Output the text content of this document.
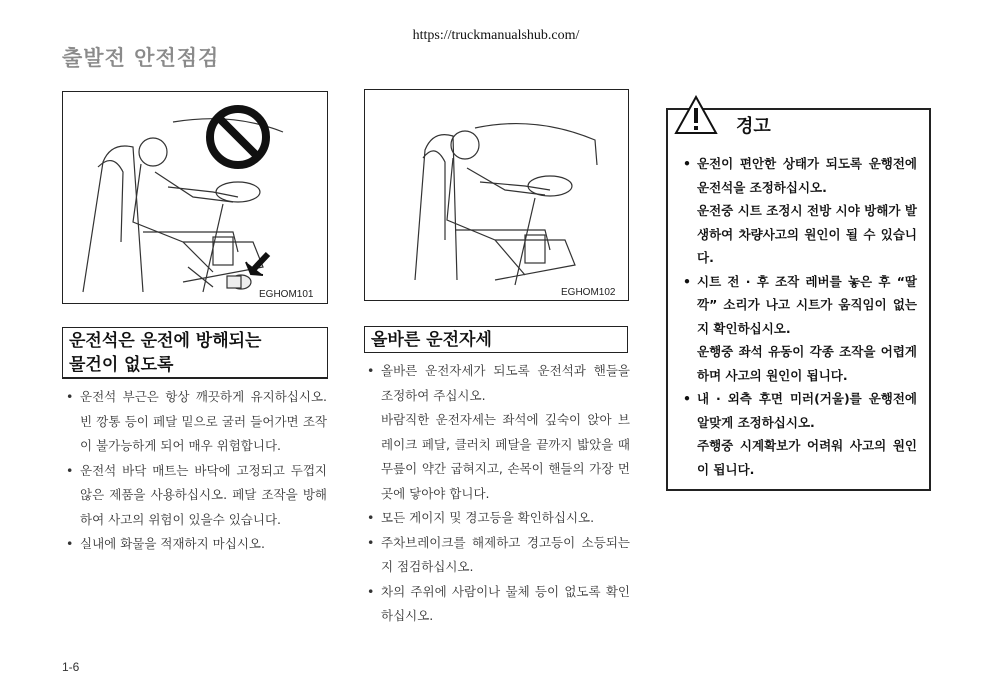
https://truckmanualshub.com/
출발전 안전점검
EGHOM101	EGHOM102
운전석은 운전에 방해되는
물건이 없도록
• 운전석 부근은 항상 깨끗하게 유지하십시오. 빈 깡통 등이 페달 밑으로 굴러 들어가면 조작이 불가능하게 되어 매우 위험합니다.
• 운전석 바닥 매트는 바닥에 고정되고 두껍지 않은 제품을 사용하십시오. 페달 조작을 방해하여 사고의 위험이 있을수 있습니다.
• 실내에 화물을 적재하지 마십시오.
올바른 운전자세

• 올바른 운전자세가 되도록 운전석과 핸들을 조정하여 주십시오.

바람직한 운전자세는 좌석에 깊숙이 앉아 브레이크 페달, 클러치 페달을 끝까지 밟았을 때 무릎이 약간 굽혀지고, 손목이 핸들의 가장 먼 곳에 닿아야 합니다.

• 모든 게이지 및 경고등을 확인하십시오.
• 주차브레이크를 해제하고 경고등이 소등되는지 점검하십시오.
• 차의 주위에 사람이나 물체 등이 없도록 확인하십시오.

• 운전이 편안한 상태가 되도록 운행전에 운전석을 조정하십시오.

운전중 시트 조정시 전방 시야 방해가 발생하여 차량사고의 원인이 될 수 있습니다.

• 시트 전 · 후 조작 레버를 놓은 후 “딸깍” 소리가 나고 시트가 움직임이 없는지 확인하십시오.

운행중 좌석 유동이 각종 조작을 어렵게 하며 사고의 원인이 됩니다.

• 내 · 외측 후면 미러(거울)를 운행전에 알맞게 조정하십시오.

주행중 시계확보가 어려워 사고의 원인이 됩니다.

경고
1-6
